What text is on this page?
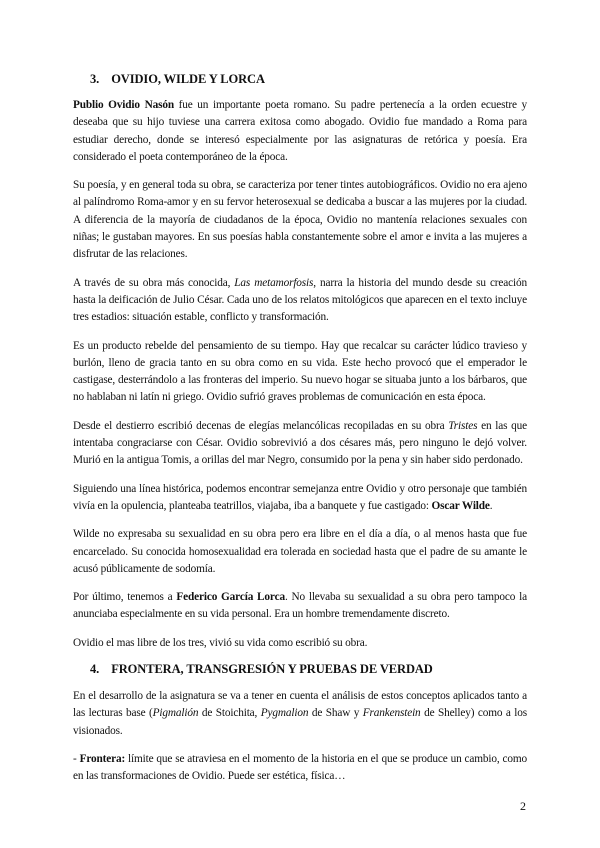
3. OVIDIO, WILDE Y LORCA

Publio Ovidio Nasón fue un importante poeta romano. Su padre pertenecía a la orden ecuestre y deseaba que su hijo tuviese una carrera exitosa como abogado. Ovidio fue mandado a Roma para estudiar derecho, donde se interesó especialmente por las asignaturas de retórica y poesía. Era considerado el poeta contemporáneo de la época.

Su poesía, y en general toda su obra, se caracteriza por tener tintes autobiográficos. Ovidio no era ajeno al palíndromo Roma-amor y en su fervor heterosexual se dedicaba a buscar a las mujeres por la ciudad. A diferencia de la mayoría de ciudadanos de la época, Ovidio no mantenía relaciones sexuales con niñas; le gustaban mayores. En sus poesías habla constantemente sobre el amor e invita a las mujeres a disfrutar de las relaciones.

A través de su obra más conocida, Las metamorfosis, narra la historia del mundo desde su creación hasta la deificación de Julio César. Cada uno de los relatos mitológicos que aparecen en el texto incluye tres estadios: situación estable, conflicto y transformación.

Es un producto rebelde del pensamiento de su tiempo. Hay que recalcar su carácter lúdico travieso y burlón, lleno de gracia tanto en su obra como en su vida. Este hecho provocó que el emperador le castigase, desterrándolo a las fronteras del imperio. Su nuevo hogar se situaba junto a los bárbaros, que no hablaban ni latín ni griego. Ovidio sufrió graves problemas de comunicación en esta época.

Desde el destierro escribió decenas de elegías melancólicas recopiladas en su obra Tristes en las que intentaba congraciarse con César. Ovidio sobrevivió a dos césares más, pero ninguno le dejó volver. Murió en la antigua Tomis, a orillas del mar Negro, consumido por la pena y sin haber sido perdonado.

Siguiendo una línea histórica, podemos encontrar semejanza entre Ovidio y otro personaje que también vivía en la opulencia, planteaba teatrillos, viajaba, iba a banquete y fue castigado: Oscar Wilde.

Wilde no expresaba su sexualidad en su obra pero era libre en el día a día, o al menos hasta que fue encarcelado. Su conocida homosexualidad era tolerada en sociedad hasta que el padre de su amante le acusó públicamente de sodomía.

Por último, tenemos a Federico García Lorca. No llevaba su sexualidad a su obra pero tampoco la anunciaba especialmente en su vida personal. Era un hombre tremendamente discreto.

Ovidio el mas libre de los tres, vivió su vida como escribió su obra.

4. FRONTERA, TRANSGRESIÓN Y PRUEBAS DE VERDAD

En el desarrollo de la asignatura se va a tener en cuenta el análisis de estos conceptos aplicados tanto a las lecturas base (Pigmalión de Stoichita, Pygmalion de Shaw y Frankenstein de Shelley) como a los visionados.

- Frontera: límite que se atraviesa en el momento de la historia en el que se produce un cambio, como en las transformaciones de Ovidio. Puede ser estética, física…

2
